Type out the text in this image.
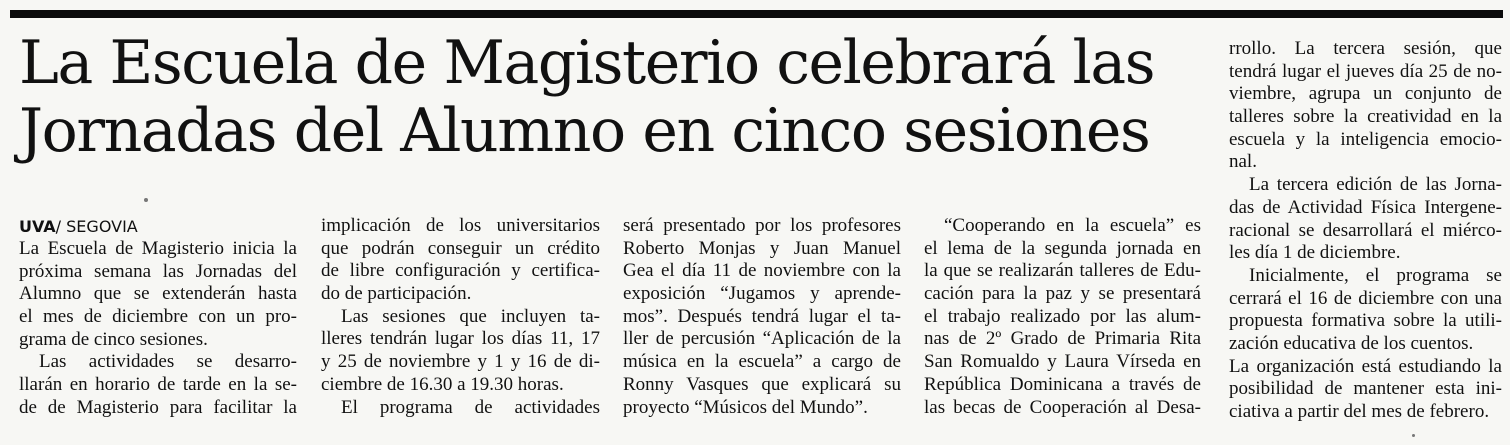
La Escuela de Magisterio celebrará las
Jornadas del Alumno en cinco sesiones
UVA/ SEGOVIA
La Escuela de Magisterio inicia la
próxima semana las Jornadas del
Alumno que se extenderán hasta
el mes de diciembre con un pro-
grama de cinco sesiones.
Las actividades se desarro-
llarán en horario de tarde en la se-
de de Magisterio para facilitar la
implicación de los universitarios
que podrán conseguir un crédito
de libre configuración y certifica-
do de participación.
Las sesiones que incluyen ta-
lleres tendrán lugar los días 11, 17
y 25 de noviembre y 1 y 16 de di-
ciembre de 16.30 a 19.30 horas.
El programa de actividades
será presentado por los profesores
Roberto Monjas y Juan Manuel
Gea el día 11 de noviembre con la
exposición “Jugamos y aprende-
mos”. Después tendrá lugar el ta-
ller de percusión “Aplicación de la
música en la escuela” a cargo de
Ronny Vasques que explicará su
proyecto “Músicos del Mundo”.
“Cooperando en la escuela” es
el lema de la segunda jornada en
la que se realizarán talleres de Edu-
cación para la paz y se presentará
el trabajo realizado por las alum-
nas de 2º Grado de Primaria Rita
San Romualdo y Laura Vírseda en
República Dominicana a través de
las becas de Cooperación al Desa-
rrollo. La tercera sesión, que
tendrá lugar el jueves día 25 de no-
viembre, agrupa un conjunto de
talleres sobre la creatividad en la
escuela y la inteligencia emocio-
nal.
La tercera edición de las Jorna-
das de Actividad Física Intergene-
racional se desarrollará el miérco-
les día 1 de diciembre.
Inicialmente, el programa se
cerrará el 16 de diciembre con una
propuesta formativa sobre la utili-
zación educativa de los cuentos.
La organización está estudiando la
posibilidad de mantener esta ini-
ciativa a partir del mes de febrero.
